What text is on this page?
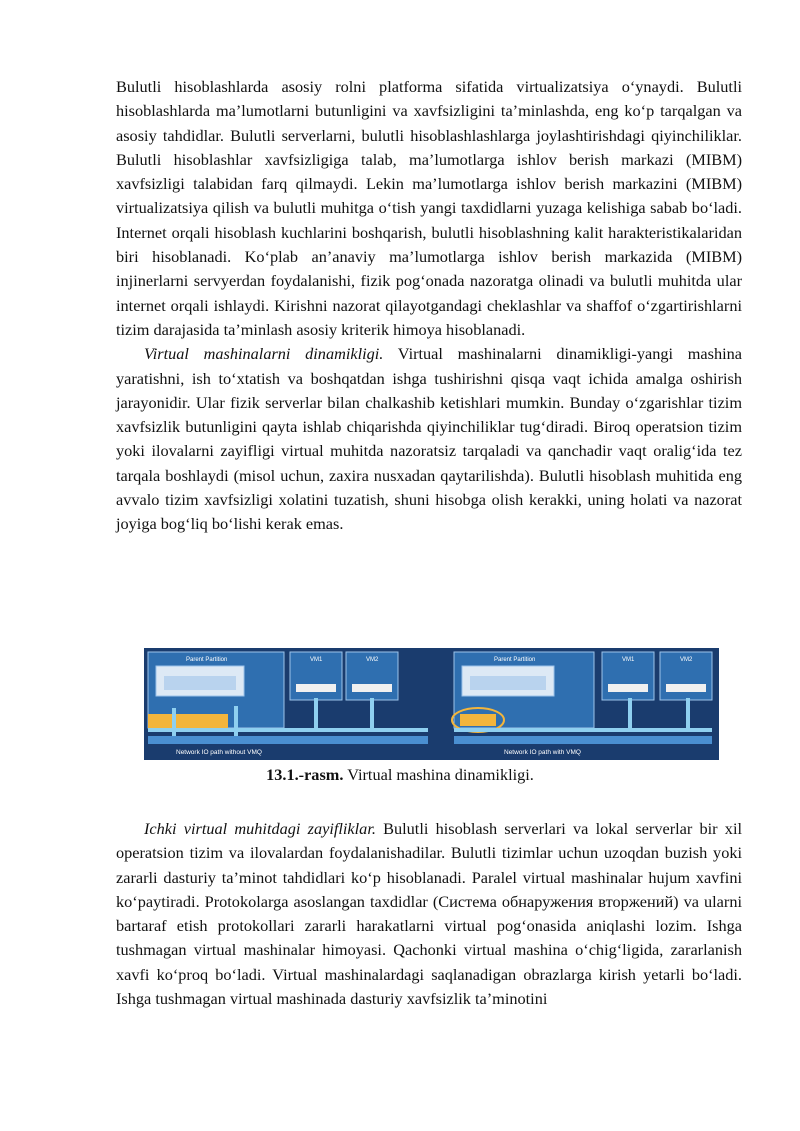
Bulutli hisoblashlarda asosiy rolni platforma sifatida virtualizatsiya o‘ynaydi. Bulutli hisoblashlarda ma’lumotlarni butunligini va xavfsizligini ta’minlashda, eng ko‘p tarqalgan va asosiy tahdidlar. Bulutli serverlarni, bulutli hisoblashlashlarga joylashtirishdagi qiyinchiliklar. Bulutli hisoblashlar xavfsizligiga talab, ma’lumotlarga ishlov berish markazi (MIBM) xavfsizligi talabidan farq qilmaydi. Lekin ma’lumotlarga ishlov berish markazini (MIBM) virtualizatsiya qilish va bulutli muhitga o‘tish yangi taxdidlarni yuzaga kelishiga sabab bo‘ladi. Internet orqali hisoblash kuchlarini boshqarish, bulutli hisoblashning kalit harakteristikalaridan biri hisoblanadi. Ko‘plab an’anaviy ma’lumotlarga ishlov berish markazida (MIBM) injinerlarni servyerdan foydalanishi, fizik pog‘onada nazoratga olinadi va bulutli muhitda ular internet orqali ishlaydi. Kirishni nazorat qilayotgandagi cheklashlar va shaffof o‘zgartirishlarni tizim darajasida ta’minlash asosiy kriterik himoya hisoblanadi.

Virtual mashinalarni dinamikligi. Virtual mashinalarni dinamikligi-yangi mashina yaratishni, ish to‘xtatish va boshqatdan ishga tushirishni qisqa vaqt ichida amalga oshirish jarayonidir. Ular fizik serverlar bilan chalkashib ketishlari mumkin. Bunday o‘zgarishlar tizim xavfsizlik butunligini qayta ishlab chiqarishda qiyinchiliklar tug‘diradi. Biroq operatsion tizim yoki ilovalarni zayifligi virtual muhitda nazoratsiz tarqaladi va qanchadir vaqt oralig‘ida tez tarqala boshlaydi (misol uchun, zaxira nusxadan qaytarilishda). Bulutli hisoblash muhitida eng avvalo tizim xavfsizligi xolatini tuzatish, shuni hisobga olish kerakki, uning holati va nazorat joyiga bog‘liq bo‘lishi kerak emas.

Parent Partition	VM1	VM2
Network IO path without VMQ
Parent Partition	VM1	VM2
Network IO path with VMQ
13.1.-rasm. Virtual mashina dinamikligi.

Ichki virtual muhitdagi zayifliklar. Bulutli hisoblash serverlari va lokal serverlar bir xil operatsion tizim va ilovalardan foydalanishadilar. Bulutli tizimlar uchun uzoqdan buzish yoki zararli dasturiy ta’minot tahdidlari ko‘p hisoblanadi. Paralel virtual mashinalar hujum xavfini ko‘paytiradi. Protokolarga asoslangan taxdidlar (Система обнаружения вторжений) va ularni bartaraf etish protokollari zararli harakatlarni virtual pog‘onasida aniqlashi lozim. Ishga tushmagan virtual mashinalar himoyasi. Qachonki virtual mashina o‘chig‘ligida, zararlanish xavfi ko‘proq bo‘ladi. Virtual mashinalardagi saqlanadigan obrazlarga kirish yetarli bo‘ladi. Ishga tushmagan virtual mashinada dasturiy xavfsizlik ta’minotini
